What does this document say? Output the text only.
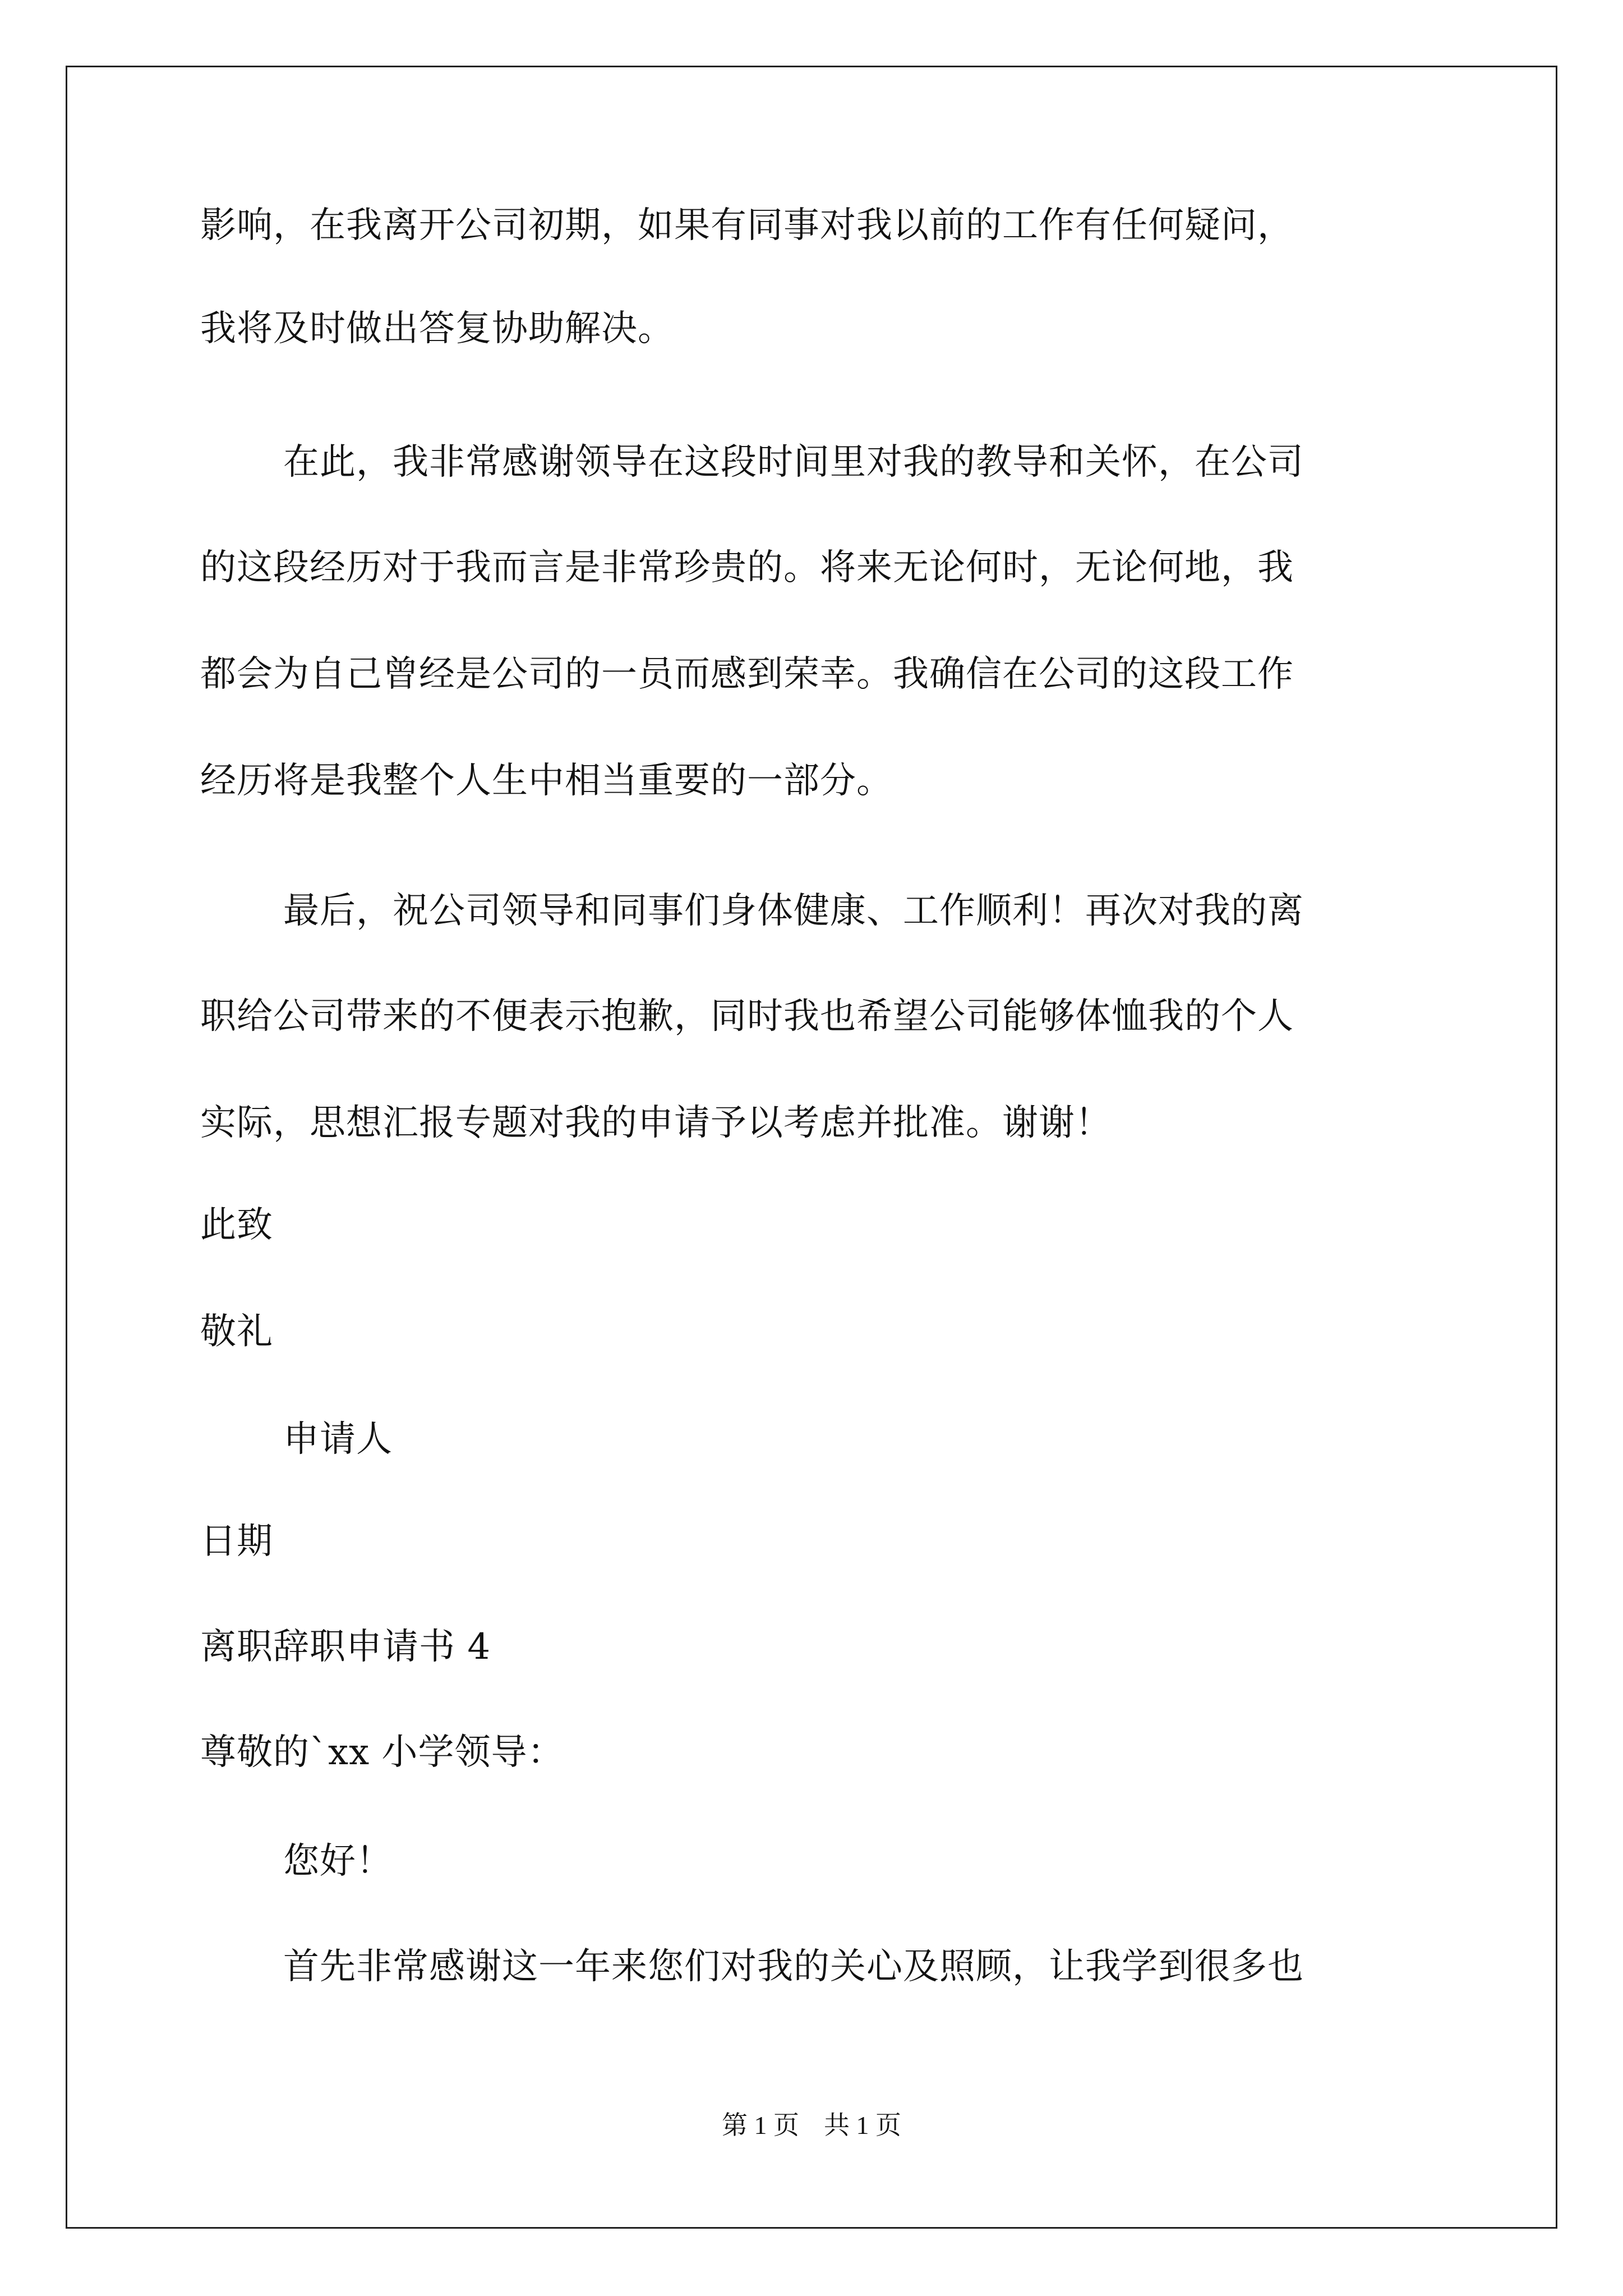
影响，在我离开公司初期，如果有同事对我以前的工作有任何疑问，
我将及时做出答复协助解决。
在此，我非常感谢领导在这段时间里对我的教导和关怀，在公司
的这段经历对于我而言是非常珍贵的。将来无论何时，无论何地，我
都会为自己曾经是公司的一员而感到荣幸。我确信在公司的这段工作
经历将是我整个人生中相当重要的一部分。
最后，祝公司领导和同事们身体健康、工作顺利！再次对我的离
职给公司带来的不便表示抱歉，同时我也希望公司能够体恤我的个人
实际，思想汇报专题对我的申请予以考虑并批准。谢谢！
此致
敬礼
申请人
日期
离职辞职申请书 4
尊敬的`xx 小学领导：
您好！
首先非常感谢这一年来您们对我的关心及照顾，让我学到很多也
第 1 页 共 1 页
